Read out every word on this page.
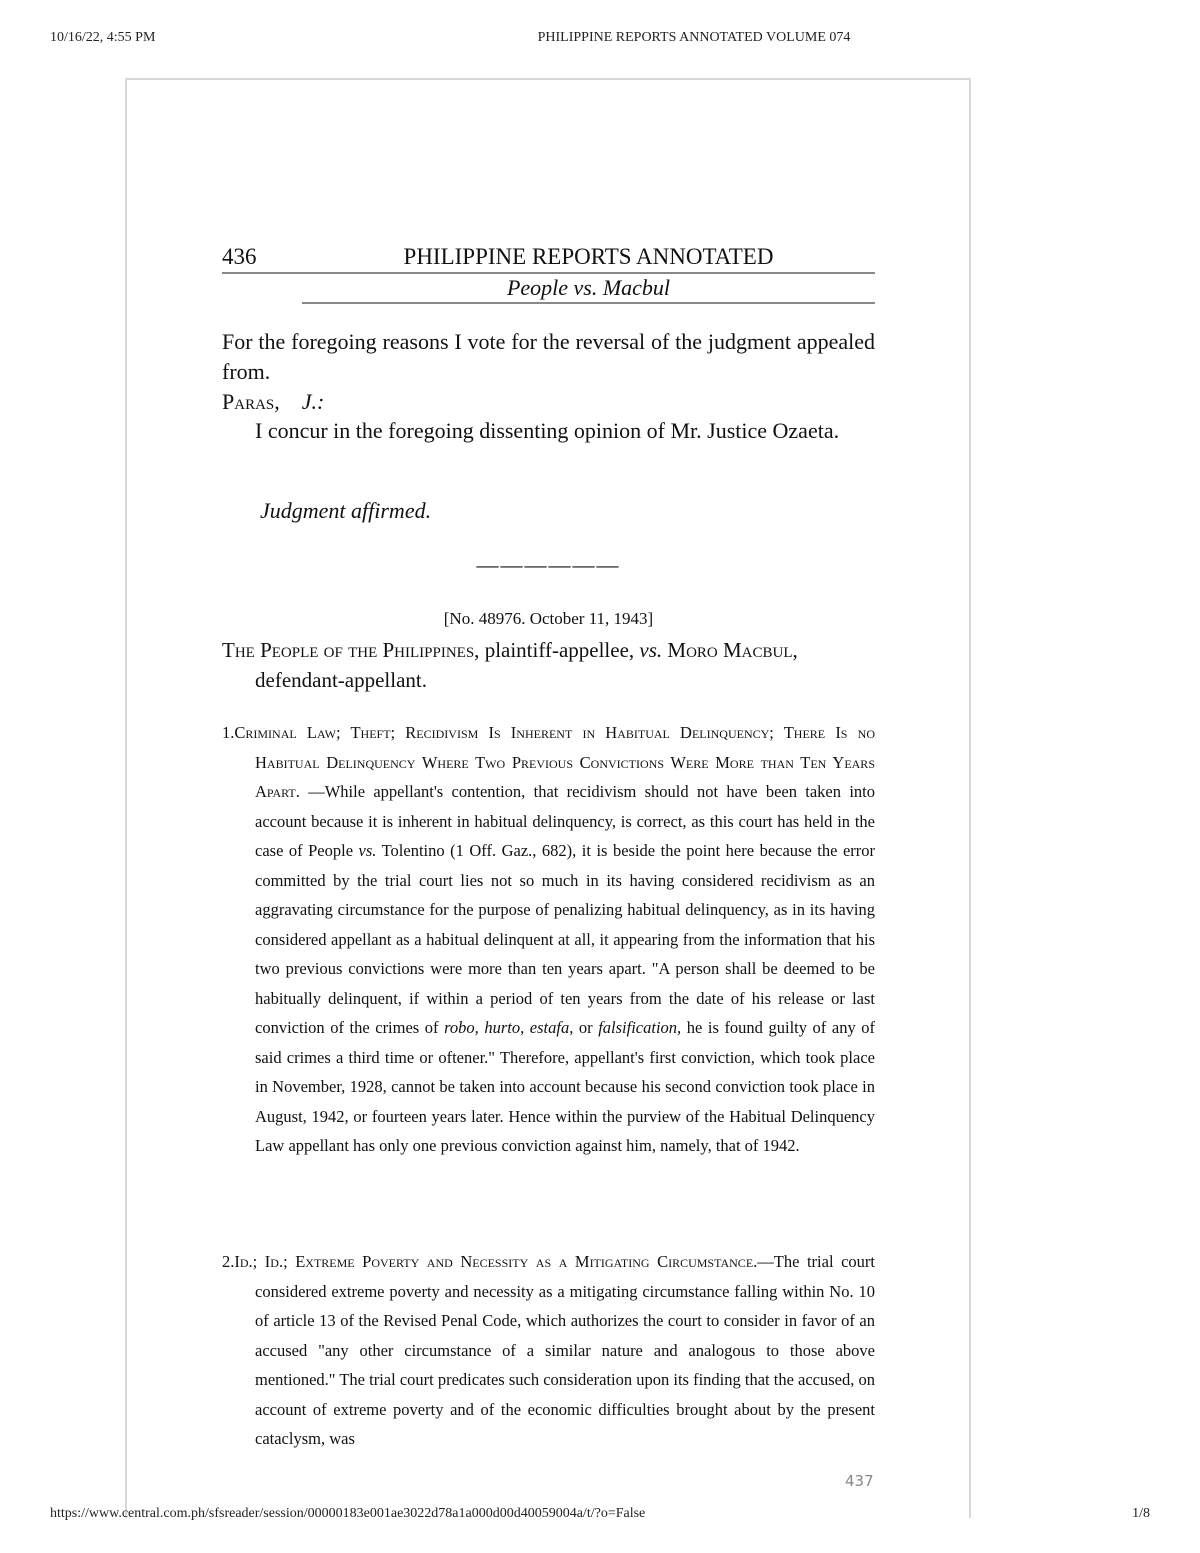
10/16/22, 4:55 PM	PHILIPPINE REPORTS ANNOTATED VOLUME 074
436	PHILIPPINE REPORTS ANNOTATED
People vs. Macbul
For the foregoing reasons I vote for the reversal of the judgment appealed from.
Paras, J.:
I concur in the foregoing dissenting opinion of Mr. Justice Ozaeta.
Judgment affirmed.
——————
[No. 48976. October 11, 1943]
The People of the Philippines, plaintiff-appellee, vs. Moro Macbul, defendant-appellant.
1.Criminal Law; Theft; Recidivism Is Inherent in Habitual Delinquency; There Is no Habitual Delinquency Where Two Previous Convictions Were More than Ten Years Apart. —While appellant's contention, that recidivism should not have been taken into account because it is inherent in habitual delinquency, is correct, as this court has held in the case of People vs. Tolentino (1 Off. Gaz., 682), it is beside the point here because the error committed by the trial court lies not so much in its having considered recidivism as an aggravating circumstance for the purpose of penalizing habitual delinquency, as in its having considered appellant as a habitual delinquent at all, it appearing from the information that his two previous convictions were more than ten years apart. "A person shall be deemed to be habitually delinquent, if within a period of ten years from the date of his release or last conviction of the crimes of robo, hurto, estafa, or falsification, he is found guilty of any of said crimes a third time or oftener." Therefore, appellant's first conviction, which took place in November, 1928, cannot be taken into account because his second conviction took place in August, 1942, or fourteen years later. Hence within the purview of the Habitual Delinquency Law appellant has only one previous conviction against him, namely, that of 1942.
2.Id.; Id.; Extreme Poverty and Necessity as a Mitigating Circumstance.—The trial court considered extreme poverty and necessity as a mitigating circumstance falling within No. 10 of article 13 of the Revised Penal Code, which authorizes the court to consider in favor of an accused "any other circumstance of a similar nature and analogous to those above mentioned." The trial court predicates such consideration upon its finding that the accused, on account of extreme poverty and of the economic difficulties brought about by the present cataclysm, was
437
https://www.central.com.ph/sfsreader/session/00000183e001ae3022d78a1a000d00d40059004a/t/?o=False	1/8
